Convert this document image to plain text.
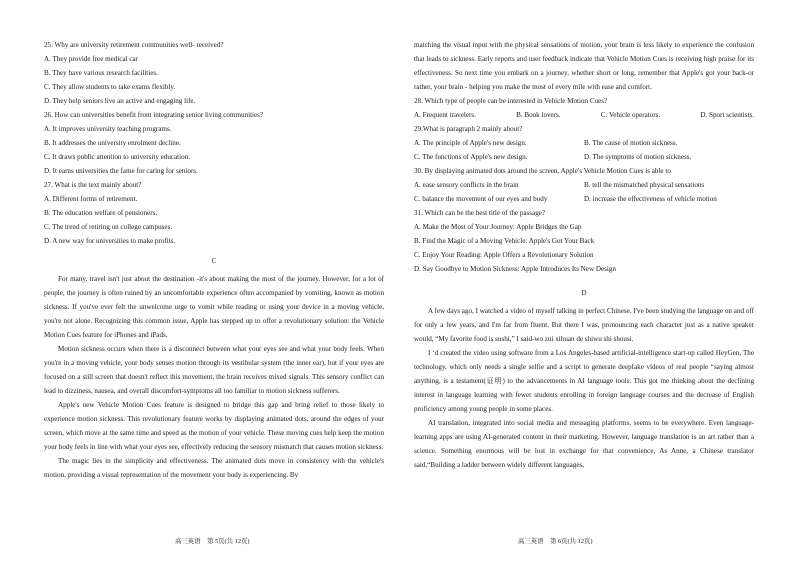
25. Why are university retirement communities well- received?
A. They provide free medical car
B. They have various research facilities.
C. They allow students to take exams flexibly.
D. They help seniors live an active and engaging life.
26. How can universities benefit from integrating senior living communities?
A. It improves university teaching programs.
B. It addresses the university enrolment decline.
C. It draws public attention to university education.
D. It earns universities the fame for caring for seniors.
27. What is the text mainly about?
A. Different forms of retirement.
B. The education welfare of pensioners.
C. The trend of retiring on college campuses.
D. A new way for universities to make profits.
C
For many, travel isn't just about the destination -it's about making the most of the journey. However, for a lot of people, the journey is often ruined by an uncomfortable experience often accompanied by vomiting, known as motion sickness. If you've ever felt the unwelcome urge to vomit while reading or using your device in a moving vehicle, you're not alone. Recognizing this common issue, Apple has stepped up to offer a revolutionary solution: the Vehicle Motion Cues feature for iPhones and iPads.
Motion sickness occurs when there is a disconnect between what your eyes see and what your body feels. When you're in a moving vehicle, your body senses motion through its vestibular system (the inner ear), but if your eyes are focused on a still screen that doesn't reflect this movement, the brain receives mixed signals. This sensory conflict can lead to dizziness, nausea, and overall discomfort-symptoms all too familiar to motion sickness sufferers.
Apple's new Vehicle Motion Cues feature is designed to bridge this gap and bring relief to those likely to experience motion sickness. This revolutionary feature works by displaying animated dots, around the edges of your screen, which move at the same time and speed as the motion of your vehicle. These moving cues help keep the motion your body feels in line with what your eyes see, effectively reducing the sensory mismatch that causes motion sickness.
The magic lies in the simplicity and effectiveness. The animated dots move in consistency with the vehicle's motion, providing a visual representation of the movement your body is experiencing. By
matching the visual input with the physical sensations of motion, your brain is less likely to experience the confusion that leads to sickness. Early reports and user feedback indicate that Vehicle Motion Cues is receiving high praise for its effectiveness. So next time you embark on a journey, whether short or long, remember that Apple's got your back-or rather, your brain - helping you make the most of every mile with ease and comfort.
28. Which type of people can be interested in Vehicle Motion Cues?
A. Frequent travelers.	B. Book lovers.	C. Vehicle operators.	D. Sport scientists.
29.What is paragraph 2 mainly about?
A. The principle of Apple's new design.	B. The cause of motion sickness.
C. The functions of Apple's new design.	D. The symptoms of motion sickness.
30. By displaying animated dots around the screen, Apple's Vehicle Motion Cues is able to
A. ease sensory conflicts in the brain	B. tell the mismatched physical sensations
C. balance the movement of our eyes and body	D. increase the effectiveness of vehicle motion
31. Which can be the best title of the passage?
A. Make the Most of Your Journey: Apple Bridges the Gap
B. Find the Magic of a Moving Vehicle: Apple's Got Your Back
C. Enjoy Your Reading: Apple Offers a Revolutionary Solution
D. Say Goodbye to Motion Sickness: Apple Introduces Its New Design
D
A few days ago, I watched a video of myself talking in perfect Chinese. I've been studying the language on and off for only a few years, and I'm far from fluent. But there I was, pronouncing each character just as a native speaker would, “My favorite food is sushi,” I said-wo zui xihuan de shiwu shi shousi.
I ‘d created the video using software from a Los Angeles-based artificial-intelligence start-up called HeyGen, The technology, which only needs a single selfie and a script to generate deepfake videos of real people “saying almost anything, is a testament(证明) to the advancements in AI language tools. This got me thinking about the declining interest in language learning with fewer students enrolling in foreign language courses and the decrease of English proficiency among young people in some places.
AI translation, integrated into social media and messaging platforms, seems to be everywhere. Even language-learning apps are using AI-generated content in their marketing. However, language translation is an art rather than a science. Something enormous will be lost in exchange for that convenience, As Anne, a Chinese translator said,“Building a ladder between widely different languages,
高三英语　第 5页(共 12页)	高三英语　第 6页(共 12页)
